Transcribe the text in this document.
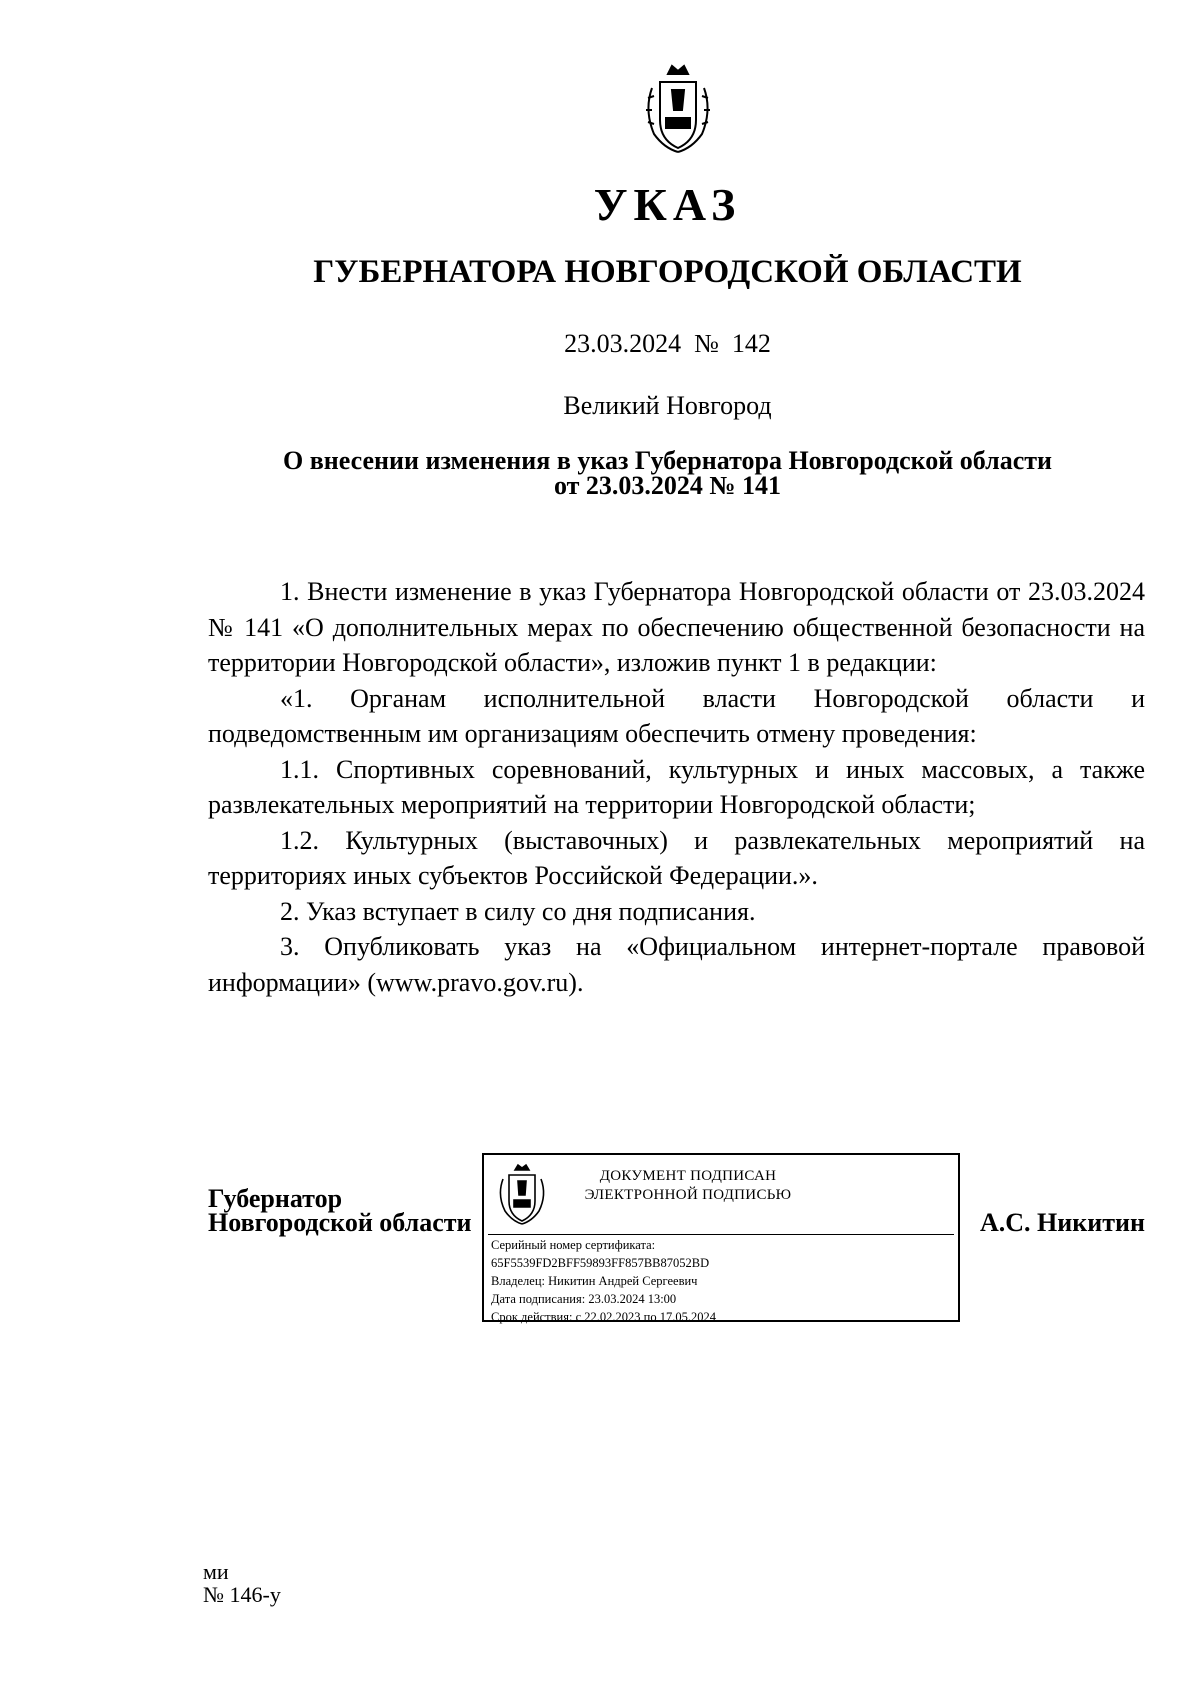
УКАЗ
ГУБЕРНАТОРА НОВГОРОДСКОЙ ОБЛАСТИ
23.03.2024 № 142
Великий Новгород
О внесении изменения в указ Губернатора Новгородской области
от 23.03.2024 № 141

1. Внести изменение в указ Губернатора Новгородской области от 23.03.2024 № 141 «О дополнительных мерах по обеспечению общественной безопасности на территории Новгородской области», изложив пункт 1 в редакции:

«1. Органам исполнительной власти Новгородской области и подведомственным им организациям обеспечить отмену проведения:

1.1. Спортивных соревнований, культурных и иных массовых, а также развлекательных мероприятий на территории Новгородской области;

1.2. Культурных (выставочных) и развлекательных мероприятий на территориях иных субъектов Российской Федерации.».

2. Указ вступает в силу со дня подписания.

3. Опубликовать указ на «Официальном интернет-портале правовой информации» (www.pravo.gov.ru).

Губернатор
Новгородской области
ДОКУМЕНТ ПОДПИСАН
ЭЛЕКТРОННОЙ ПОДПИСЬЮ
Серийный номер сертификата:
65F5539FD2BFF59893FF857BB87052BD
Владелец: Никитин Андрей Сергеевич
Дата подписания: 23.03.2024 13:00
Срок действия: с 22.02.2023 по 17.05.2024
А.С. Никитин
ми
№ 146-у
